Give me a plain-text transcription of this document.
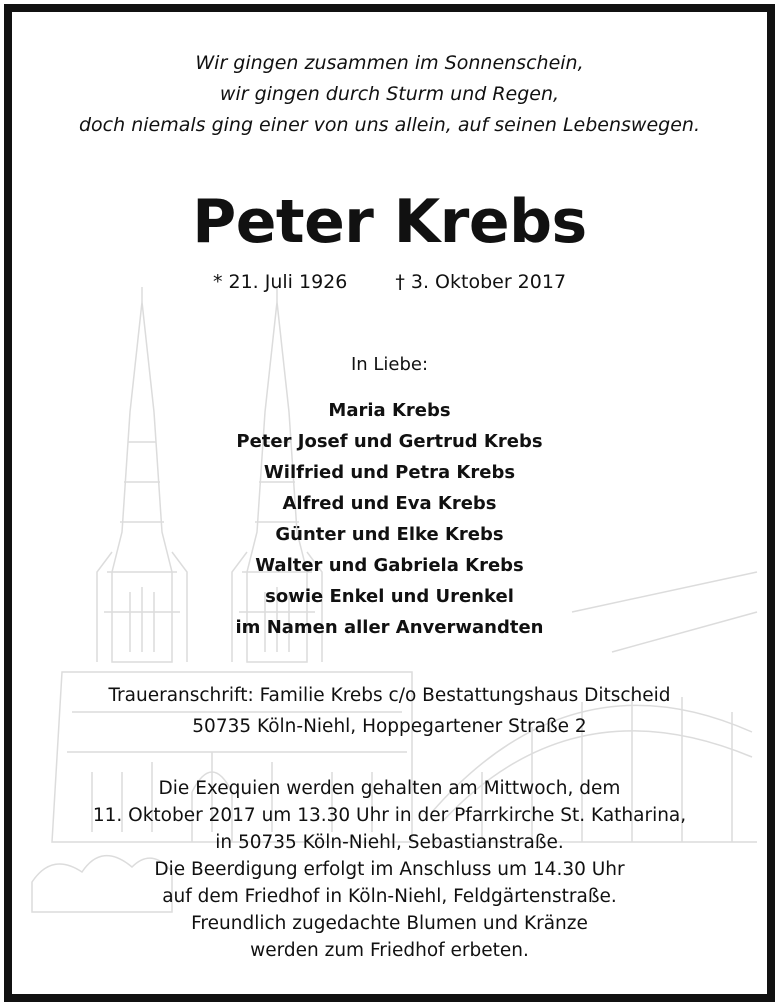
Wir gingen zusammen im Sonnenschein,
wir gingen durch Sturm und Regen,
doch niemals ging einer von uns allein, auf seinen Lebenswegen.
Peter Krebs
* 21. Juli 1926	† 3. Oktober 2017
In Liebe:
Maria Krebs
Peter Josef und Gertrud Krebs
Wilfried und Petra Krebs
Alfred und Eva Krebs
Günter und Elke Krebs
Walter und Gabriela Krebs
sowie Enkel und Urenkel
im Namen aller Anverwandten
Traueranschrift: Familie Krebs c/o Bestattungshaus Ditscheid
50735 Köln-Niehl, Hoppegartener Straße 2
Die Exequien werden gehalten am Mittwoch, dem
11. Oktober 2017 um 13.30 Uhr in der Pfarrkirche St. Katharina,
in 50735 Köln-Niehl, Sebastianstraße.
Die Beerdigung erfolgt im Anschluss um 14.30 Uhr
auf dem Friedhof in Köln-Niehl, Feldgärtenstraße.
Freundlich zugedachte Blumen und Kränze
werden zum Friedhof erbeten.
